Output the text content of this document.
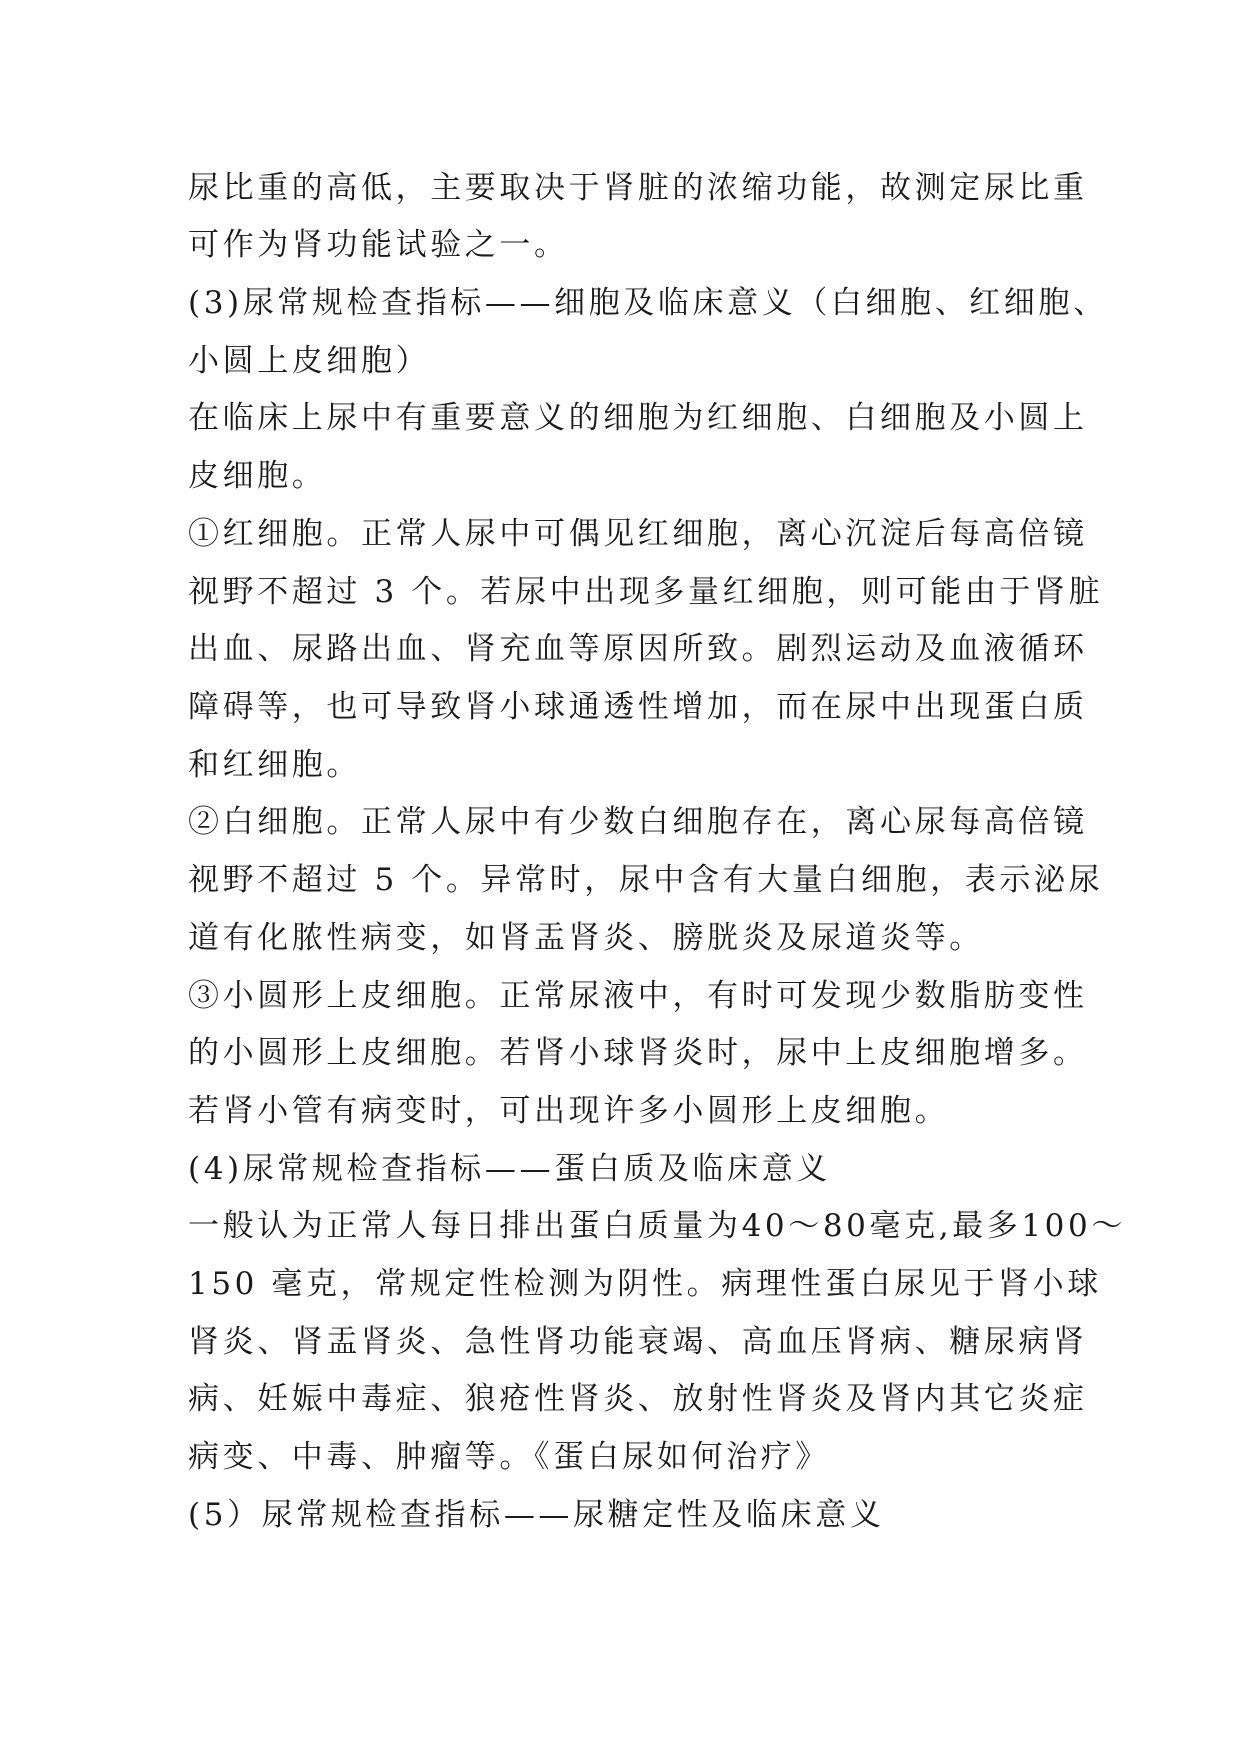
尿比重的高低，主要取决于肾脏的浓缩功能，故测定尿比重
可作为肾功能试验之一。
(3)尿常规检查指标——细胞及临床意义（白细胞、红细胞、
小圆上皮细胞）
在临床上尿中有重要意义的细胞为红细胞、白细胞及小圆上
皮细胞。
①红细胞。正常人尿中可偶见红细胞，离心沉淀后每高倍镜
视野不超过 3 个。若尿中出现多量红细胞，则可能由于肾脏
出血、尿路出血、肾充血等原因所致。剧烈运动及血液循环
障碍等，也可导致肾小球通透性增加，而在尿中出现蛋白质
和红细胞。
②白细胞。正常人尿中有少数白细胞存在，离心尿每高倍镜
视野不超过 5 个。异常时，尿中含有大量白细胞，表示泌尿
道有化脓性病变，如肾盂肾炎、膀胱炎及尿道炎等。
③小圆形上皮细胞。正常尿液中，有时可发现少数脂肪变性
的小圆形上皮细胞。若肾小球肾炎时，尿中上皮细胞增多。
若肾小管有病变时，可出现许多小圆形上皮细胞。
(4)尿常规检查指标——蛋白质及临床意义
一般认为正常人每日排出蛋白质量为40～80毫克,最多100～
150 毫克，常规定性检测为阴性。病理性蛋白尿见于肾小球
肾炎、肾盂肾炎、急性肾功能衰竭、高血压肾病、糖尿病肾
病、妊娠中毒症、狼疮性肾炎、放射性肾炎及肾内其它炎症
病变、中毒、肿瘤等。《蛋白尿如何治疗》
(5）尿常规检查指标——尿糖定性及临床意义
